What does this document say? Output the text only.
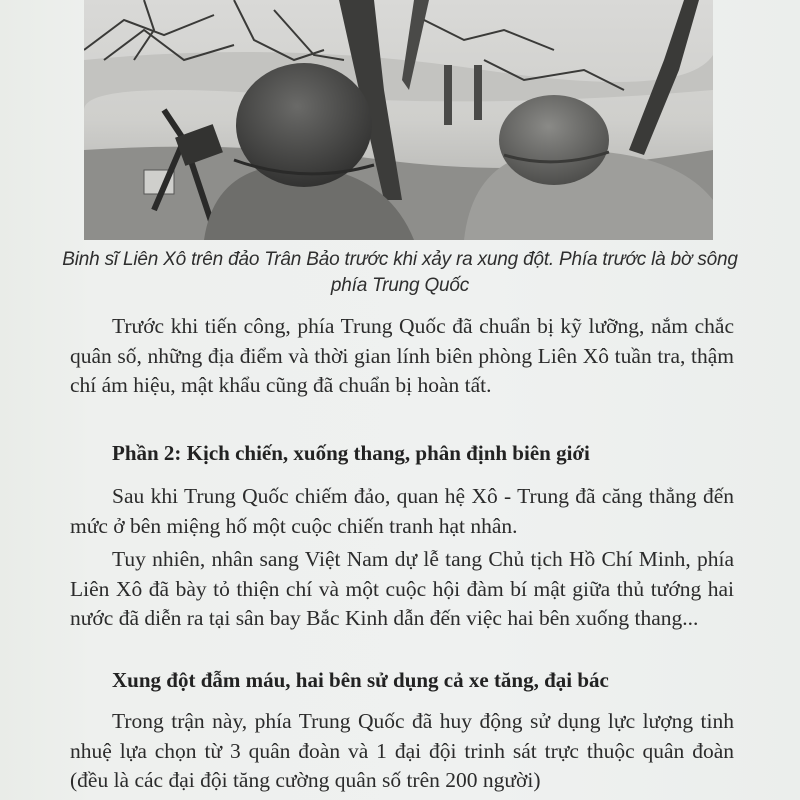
Binh sĩ Liên Xô trên đảo Trân Bảo trước khi xảy ra xung đột. Phía trước là bờ sông phía Trung Quốc
Trước khi tiến công, phía Trung Quốc đã chuẩn bị kỹ lưỡng, nắm chắc quân số, những địa điểm và thời gian lính biên phòng Liên Xô tuần tra, thậm chí ám hiệu, mật khẩu cũng đã chuẩn bị hoàn tất.
Phần 2: Kịch chiến, xuống thang, phân định biên giới
Sau khi Trung Quốc chiếm đảo, quan hệ Xô - Trung đã căng thẳng đến mức ở bên miệng hố một cuộc chiến tranh hạt nhân.
Tuy nhiên, nhân sang Việt Nam dự lễ tang Chủ tịch Hồ Chí Minh, phía Liên Xô đã bày tỏ thiện chí và một cuộc hội đàm bí mật giữa thủ tướng hai nước đã diễn ra tại sân bay Bắc Kinh dẫn đến việc hai bên xuống thang...
Xung đột đẫm máu, hai bên sử dụng cả xe tăng, đại bác
Trong trận này, phía Trung Quốc đã huy động sử dụng lực lượng tinh nhuệ lựa chọn từ 3 quân đoàn và 1 đại đội trinh sát trực thuộc quân đoàn (đều là các đại đội tăng cường quân số trên 200 người)
